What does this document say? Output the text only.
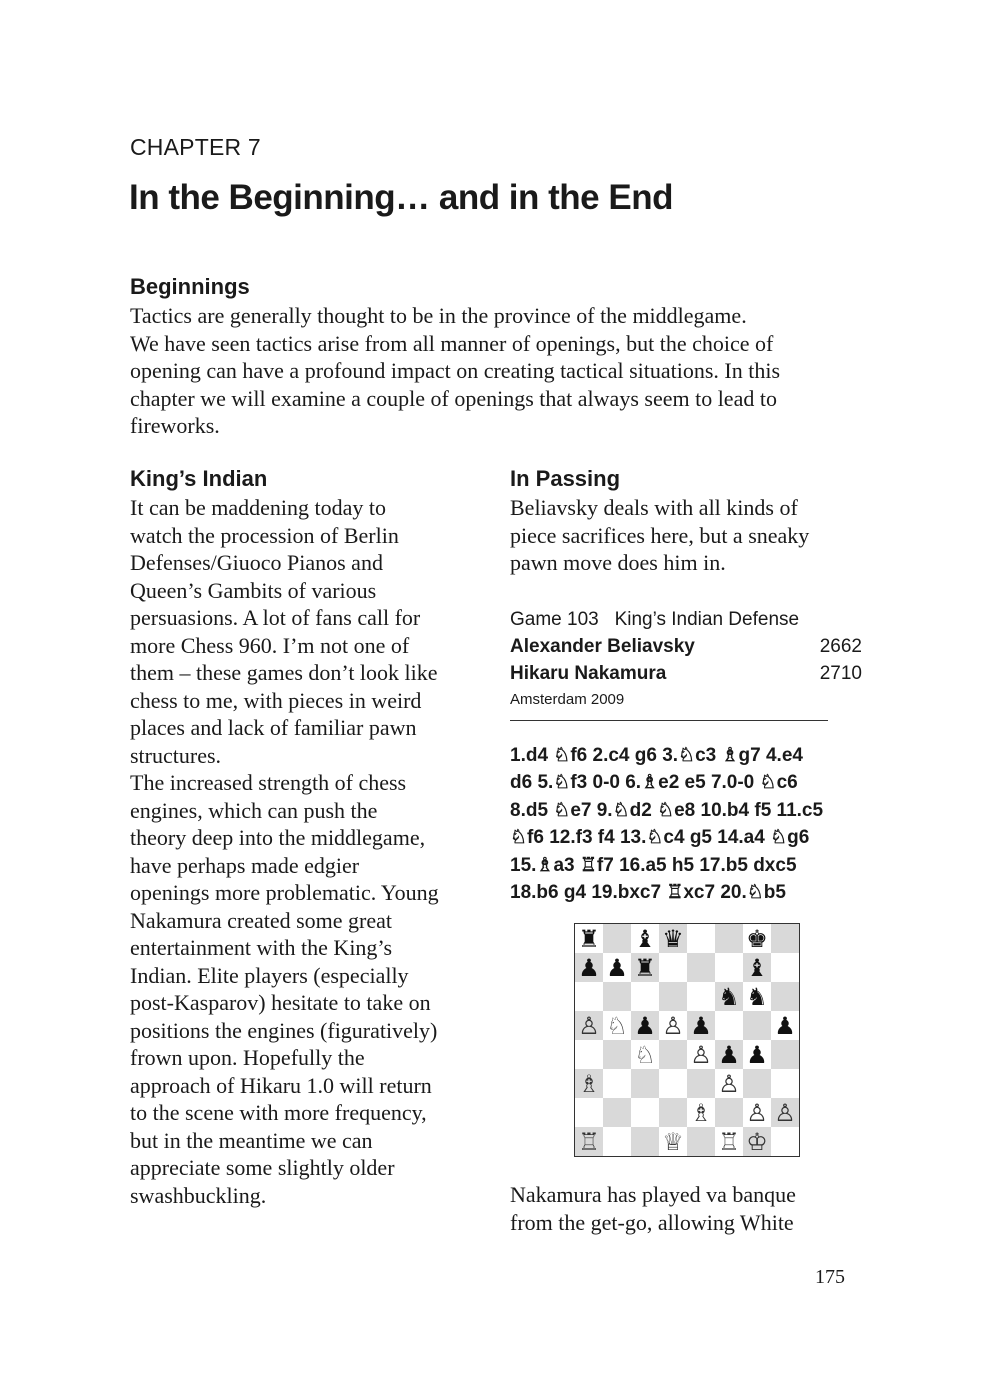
CHAPTER 7
In the Beginning… and in the End
Beginnings
Tactics are generally thought to be in the province of the middlegame.
We have seen tactics arise from all manner of openings, but the choice of
opening can have a profound impact on creating tactical situations. In this
chapter we will examine a couple of openings that always seem to lead to
fireworks.
King’s Indian
It can be maddening today to
watch the procession of Berlin
Defenses/Giuoco Pianos and
Queen’s Gambits of various
persuasions. A lot of fans call for
more Chess 960. I’m not one of
them – these games don’t look like
chess to me, with pieces in weird
places and lack of familiar pawn
structures.
The increased strength of chess
engines, which can push the
theory deep into the middlegame,
have perhaps made edgier
openings more problematic. Young
Nakamura created some great
entertainment with the King’s
Indian. Elite players (especially
post-Kasparov) hesitate to take on
positions the engines (figuratively)
frown upon. Hopefully the
approach of Hikaru 1.0 will return
to the scene with more frequency,
but in the meantime we can
appreciate some slightly older
swashbuckling.
In Passing
Beliavsky deals with all kinds of
piece sacrifices here, but a sneaky
pawn move does him in.
Game 103 King’s Indian Defense
Alexander Beliavsky	2662
Hikaru Nakamura	2710
Amsterdam 2009
1.d4 ♘f6 2.c4 g6 3.♘c3 ♗g7 4.e4
d6 5.♘f3 0-0 6.♗e2 e5 7.0-0 ♘c6
8.d5 ♘e7 9.♘d2 ♘e8 10.b4 f5 11.c5
♘f6 12.f3 f4 13.♘c4 g5 14.a4 ♘g6
15.♗a3 ♖f7 16.a5 h5 17.b5 dxc5
18.b6 g4 19.bxc7 ♖xc7 20.♘b5
♜ ♝ ♛	♚
♟ ♟ ♜	♝
♞ ♞
♙ ♘ ♟ ♙ ♟	♟
♘ ♙ ♟ ♟
♗	♙
♗ ♙ ♙
♖	♕ ♖ ♔
Nakamura has played va banque
from the get-go, allowing White
175
